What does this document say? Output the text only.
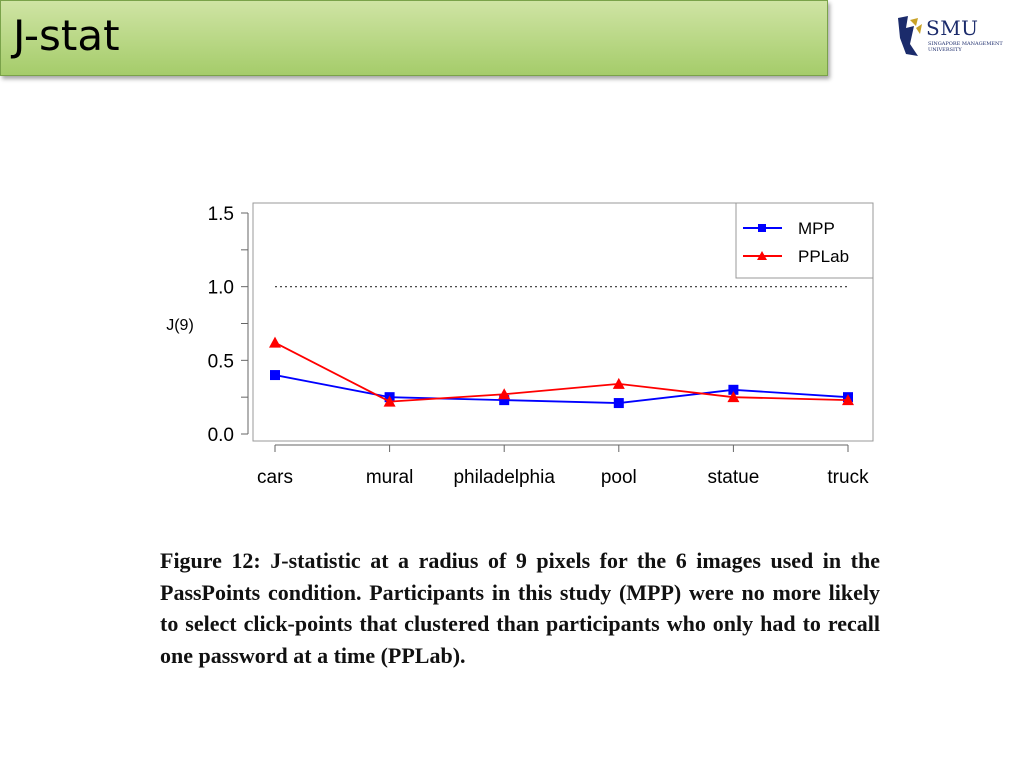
J-stat	SMU
SINGAPORE MANAGEMENT UNIVERSITY
J(9)
0.0
0.5
1.0
1.5
cars	mural philadelphia pool	statue	truck
MPP
PPLab
Figure 12: J-statistic at a radius of 9 pixels for the 6 images used in the PassPoints condition. Participants in this study (MPP) were no more likely to select click-points that clustered than participants who only had to recall one password at a time (PPLab).
